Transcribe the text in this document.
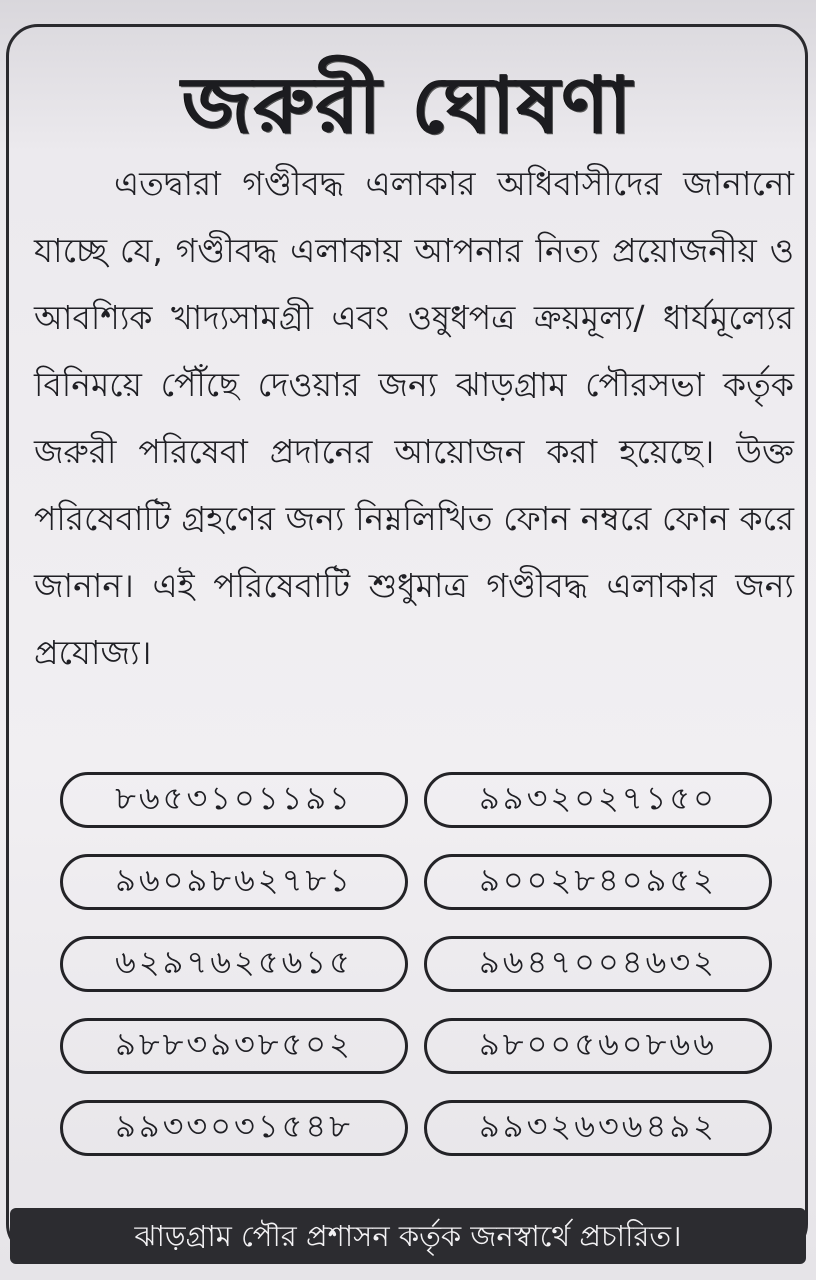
জরুরী ঘোষণা
এতদ্বারা গণ্ডীবদ্ধ এলাকার অধিবাসীদের জানানো যাচ্ছে যে, গণ্ডীবদ্ধ এলাকায় আপনার নিত্য প্রয়োজনীয় ও আবশ্যিক খাদ্যসামগ্রী এবং ওষুধপত্র ক্রয়মূল্য/ ধার্যমূল্যের বিনিময়ে পৌঁছে দেওয়ার জন্য ঝাড়গ্রাম পৌরসভা কর্তৃক জরুরী পরিষেবা প্রদানের আয়োজন করা হয়েছে। উক্ত পরিষেবাটি গ্রহণের জন্য নিম্নলিখিত ফোন নম্বরে ফোন করে জানান। এই পরিষেবাটি শুধুমাত্র গণ্ডীবদ্ধ এলাকার জন্য প্রযোজ্য।
৮৬৫৩১০১১৯১	৯৯৩২০২৭১৫০
৯৬০৯৮৬২৭৮১	৯০০২৮৪০৯৫২
৬২৯৭৬২৫৬১৫	৯৬৪৭০০৪৬৩২
৯৮৮৩৯৩৮৫০২	৯৮০০৫৬০৮৬৬
৯৯৩৩০৩১৫৪৮	৯৯৩২৬৩৬৪৯২
ঝাড়গ্রাম পৌর প্রশাসন কর্তৃক জনস্বার্থে প্রচারিত।
